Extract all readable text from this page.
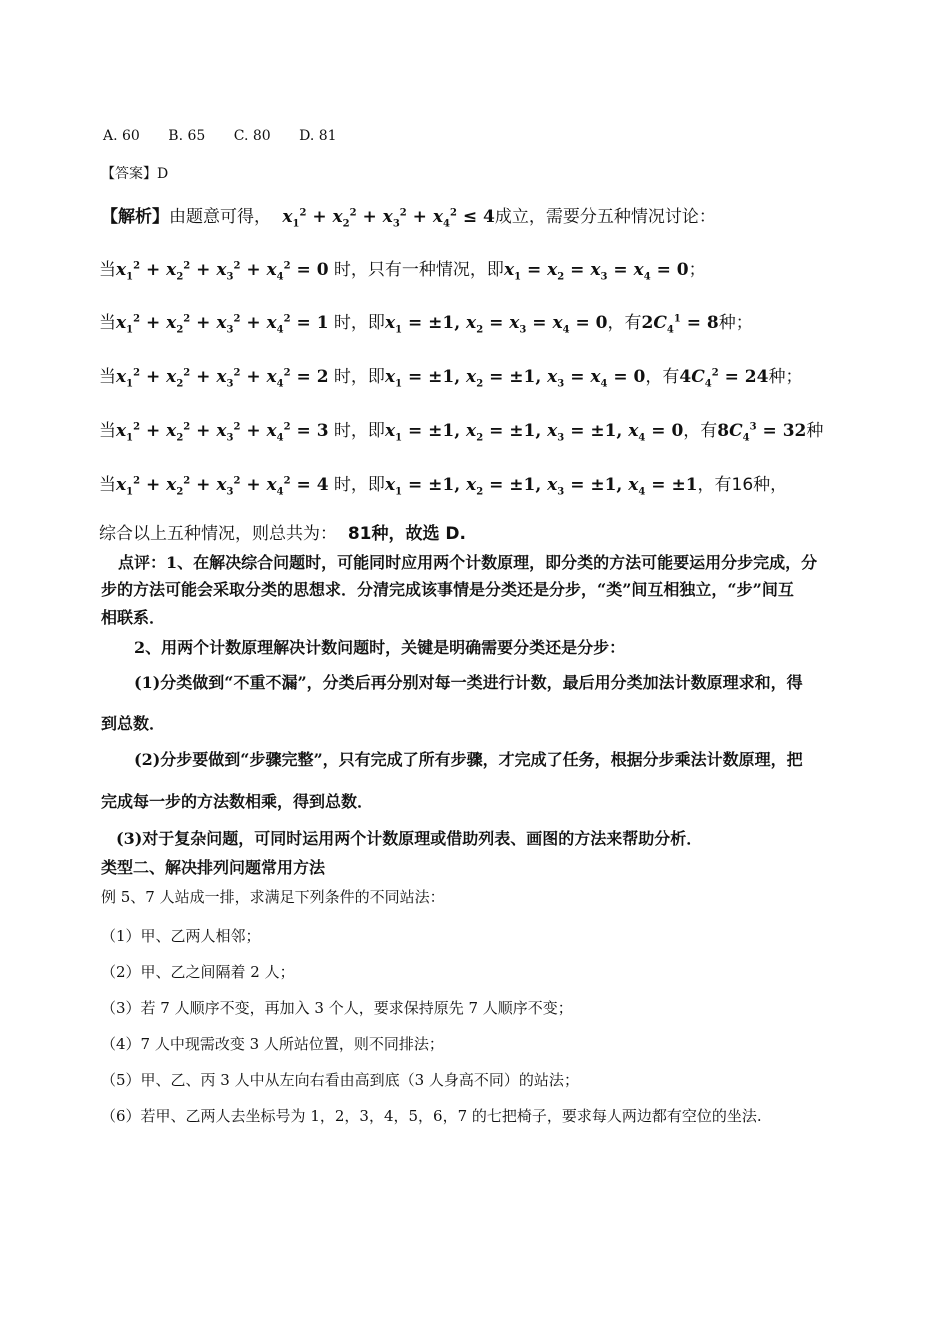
A. 60 B. 65 C. 80 D. 81
【答案】D
【解析】由题意可得，  $x_1^2 + x_2^2 + x_3^2 + x_4^2 \le 4$成立，需要分五种情况讨论：
当$x_1^2 + x_2^2 + x_3^2 + x_4^2 = 0$ 时，只有一种情况，即$x_1 = x_2 = x_3 = x_4 = 0$；
当$x_1^2 + x_2^2 + x_3^2 + x_4^2 = 1$ 时，即$x_1 = \pm 1$, $x_2 = x_3 = x_4 = 0$，有$2C_4^1 = 8$种；
当$x_1^2 + x_2^2 + x_3^2 + x_4^2 = 2$ 时，即$x_1 = \pm 1$, $x_2 = \pm 1$, $x_3 = x_4 = 0$，有$4C_4^2 = 24$种；
当$x_1^2 + x_2^2 + x_3^2 + x_4^2 = 3$ 时，即$x_1 = \pm 1$, $x_2 = \pm 1$, $x_3 = \pm 1$, $x_4 = 0$，有$8C_4^3 = 32$种
当$x_1^2 + x_2^2 + x_3^2 + x_4^2 = 4$ 时，即$x_1 = \pm 1$, $x_2 = \pm 1$, $x_3 = \pm 1$, $x_4 = \pm 1$，有16种，
综合以上五种情况，则总共为： 81种，故选 D.
点评：1、在解决综合问题时，可能同时应用两个计数原理，即分类的方法可能要运用分步完成，分
步的方法可能会采取分类的思想求．分清完成该事情是分类还是分步，“类”间互相独立，“步”间互
相联系．
2、用两个计数原理解决计数问题时，关键是明确需要分类还是分步：
(1)分类做到“不重不漏”，分类后再分别对每一类进行计数，最后用分类加法计数原理求和，得
到总数．
(2)分步要做到“步骤完整”，只有完成了所有步骤，才完成了任务，根据分步乘法计数原理，把
完成每一步的方法数相乘，得到总数．
(3)对于复杂问题，可同时运用两个计数原理或借助列表、画图的方法来帮助分析．
类型二、解决排列问题常用方法
例 5、7 人站成一排，求满足下列条件的不同站法：
（1）甲、乙两人相邻；
（2）甲、乙之间隔着 2 人；
（3）若 7 人顺序不变，再加入 3 个人，要求保持原先 7 人顺序不变；
（4）7 人中现需改变 3 人所站位置，则不同排法；
（5）甲、乙、丙 3 人中从左向右看由高到底（3 人身高不同）的站法；
（6）若甲、乙两人去坐标号为 1，2，3，4，5，6，7 的七把椅子，要求每人两边都有空位的坐法.
